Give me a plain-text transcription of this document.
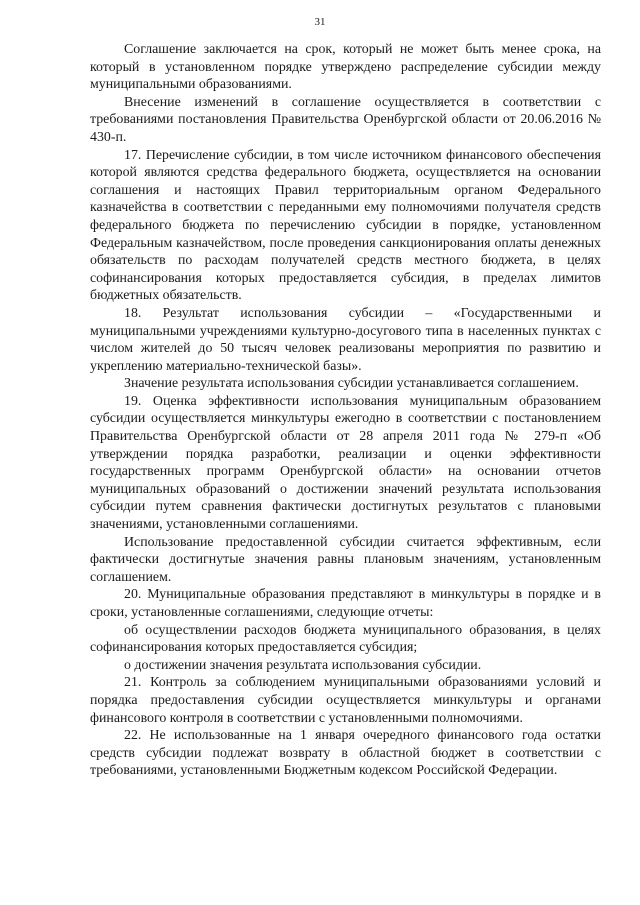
31

Соглашение заключается на срок, который не может быть менее срока, на который в установленном порядке утверждено распределение субсидии между муниципальными образованиями.

Внесение изменений в соглашение осуществляется в соответствии с требованиями постановления Правительства Оренбургской области от 20.06.2016 № 430-п.

17. Перечисление субсидии, в том числе источником финансового обеспечения которой являются средства федерального бюджета, осуществляется на основании соглашения и настоящих Правил территориальным органом Федерального казначейства в соответствии с переданными ему полномочиями получателя средств федерального бюджета по перечислению субсидии в порядке, установленном Федеральным казначейством, после проведения санкционирования оплаты денежных обязательств по расходам получателей средств местного бюджета, в целях софинансирования которых предоставляется субсидия, в пределах лимитов бюджетных обязательств.

18. Результат использования субсидии – «Государственными и муниципальными учреждениями культурно-досугового типа в населенных пунктах с числом жителей до 50 тысяч человек реализованы мероприятия по развитию и укреплению материально-технической базы».

Значение результата использования субсидии устанавливается соглашением.

19. Оценка эффективности использования муниципальным образованием субсидии осуществляется минкультуры ежегодно в соответствии с постановлением Правительства Оренбургской области от 28 апреля 2011 года № 279-п «Об утверждении порядка разработки, реализации и оценки эффективности государственных программ Оренбургской области» на основании отчетов муниципальных образований о достижении значений результата использования субсидии путем сравнения фактически достигнутых результатов с плановыми значениями, установленными соглашениями.

Использование предоставленной субсидии считается эффективным, если фактически достигнутые значения равны плановым значениям, установленным соглашением.

20. Муниципальные образования представляют в минкультуры в порядке и в сроки, установленные соглашениями, следующие отчеты:

об осуществлении расходов бюджета муниципального образования, в целях софинансирования которых предоставляется субсидия;

о достижении значения результата использования субсидии.

21. Контроль за соблюдением муниципальными образованиями условий и порядка предоставления субсидии осуществляется минкультуры и органами финансового контроля в соответствии с установленными полномочиями.

22. Не использованные на 1 января очередного финансового года остатки средств субсидии подлежат возврату в областной бюджет в соответствии с требованиями, установленными Бюджетным кодексом Российской Федерации.
